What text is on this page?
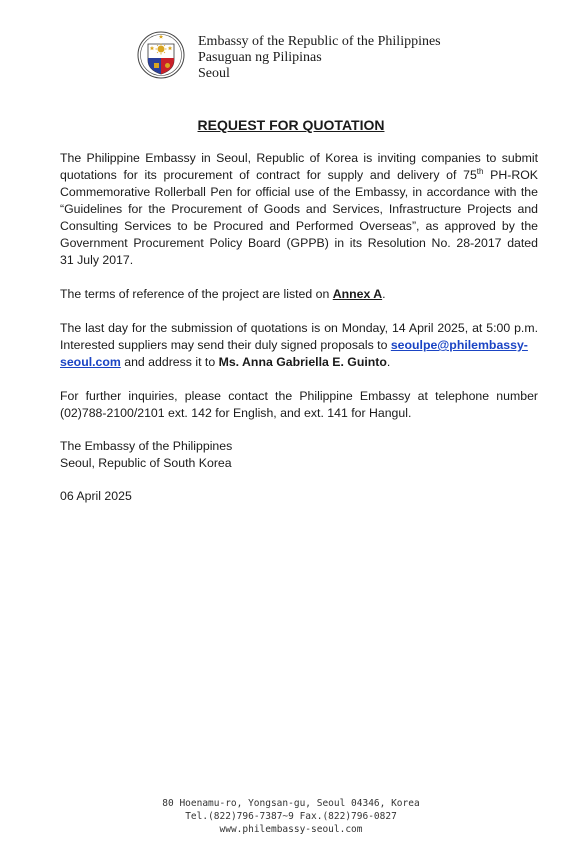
Embassy of the Republic of the Philippines
Pasuguan ng Pilipinas
Seoul
REQUEST FOR QUOTATION
The Philippine Embassy in Seoul, Republic of Korea is inviting companies to submit
quotations for its procurement of contract for supply and delivery of 75th PH-ROK
Commemorative Rollerball Pen for official use of the Embassy, in accordance with the
“Guidelines for the Procurement of Goods and Services, Infrastructure Projects and
Consulting Services to be Procured and Performed Overseas”, as approved by the
Government Procurement Policy Board (GPPB) in its Resolution No. 28-2017 dated
31 July 2017.
The terms of reference of the project are listed on Annex A.
The last day for the submission of quotations is on Monday, 14 April 2025, at 5:00 p.m.
Interested suppliers may send their duly signed proposals to seoulpe@philembassy-
seoul.com and address it to Ms. Anna Gabriella E. Guinto.
For further inquiries, please contact the Philippine Embassy at telephone number
(02)788-2100/2101 ext. 142 for English, and ext. 141 for Hangul.
The Embassy of the Philippines
Seoul, Republic of South Korea
06 April 2025
80 Hoenamu-ro, Yongsan-gu, Seoul 04346, Korea
Tel.(822)796-7387~9 Fax.(822)796-0827
www.philembassy-seoul.com
